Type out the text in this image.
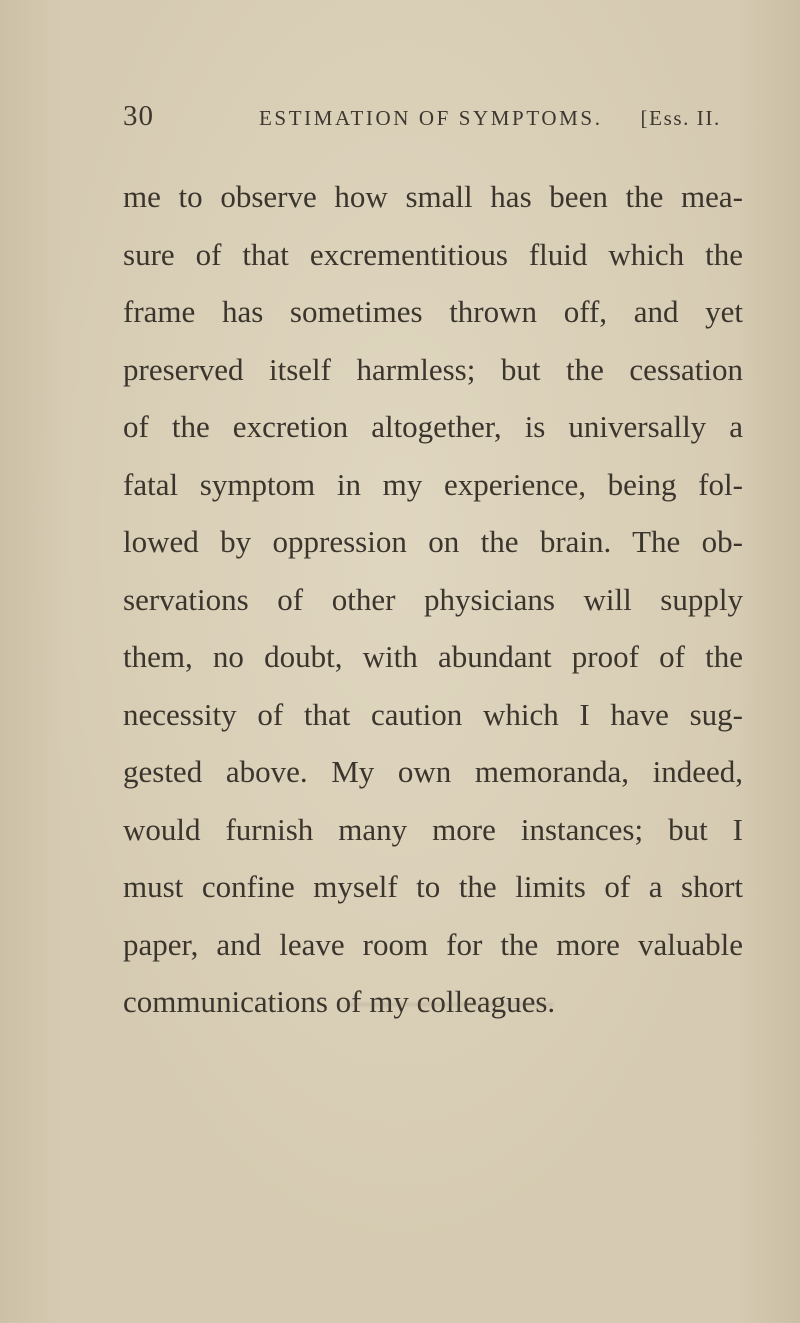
30	ESTIMATION OF SYMPTOMS. [Ess. II.
me to observe how small has been the mea-
sure of that excrementitious fluid which the
frame has sometimes thrown off, and yet
preserved itself harmless; but the cessation
of the excretion altogether, is universally a
fatal symptom in my experience, being fol-
lowed by oppression on the brain. The ob-
servations of other physicians will supply
them, no doubt, with abundant proof of the
necessity of that caution which I have sug-
gested above. My own memoranda, indeed,
would furnish many more instances; but I
must confine myself to the limits of a short
paper, and leave room for the more valuable
communications of my colleagues.
